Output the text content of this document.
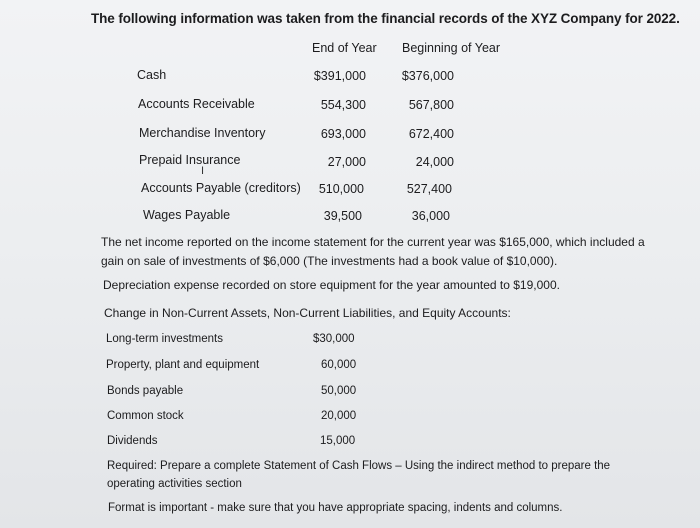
The following information was taken from the financial records of the XYZ Company for 2022.
End of Year Beginning of Year
Cash	$391,000	$376,000
Accounts Receivable	554,300	567,800
Merchandise Inventory	693,000	672,400
Prepaid Insurance	27,000	24,000
I
Accounts Payable (creditors)	510,000	527,400
Wages Payable	39,500	36,000
The net income reported on the income statement for the current year was $165,000, which included a gain on sale of investments of $6,000 (The investments had a book value of $10,000).
Depreciation expense recorded on store equipment for the year amounted to $19,000.
Change in Non-Current Assets, Non-Current Liabilities, and Equity Accounts:
Long-term investments	$30,000
Property, plant and equipment	60,000
Bonds payable	50,000
Common stock	20,000
Dividends	15,000
Required: Prepare a complete Statement of Cash Flows – Using the indirect method to prepare the operating activities section
Format is important - make sure that you have appropriate spacing, indents and columns.
